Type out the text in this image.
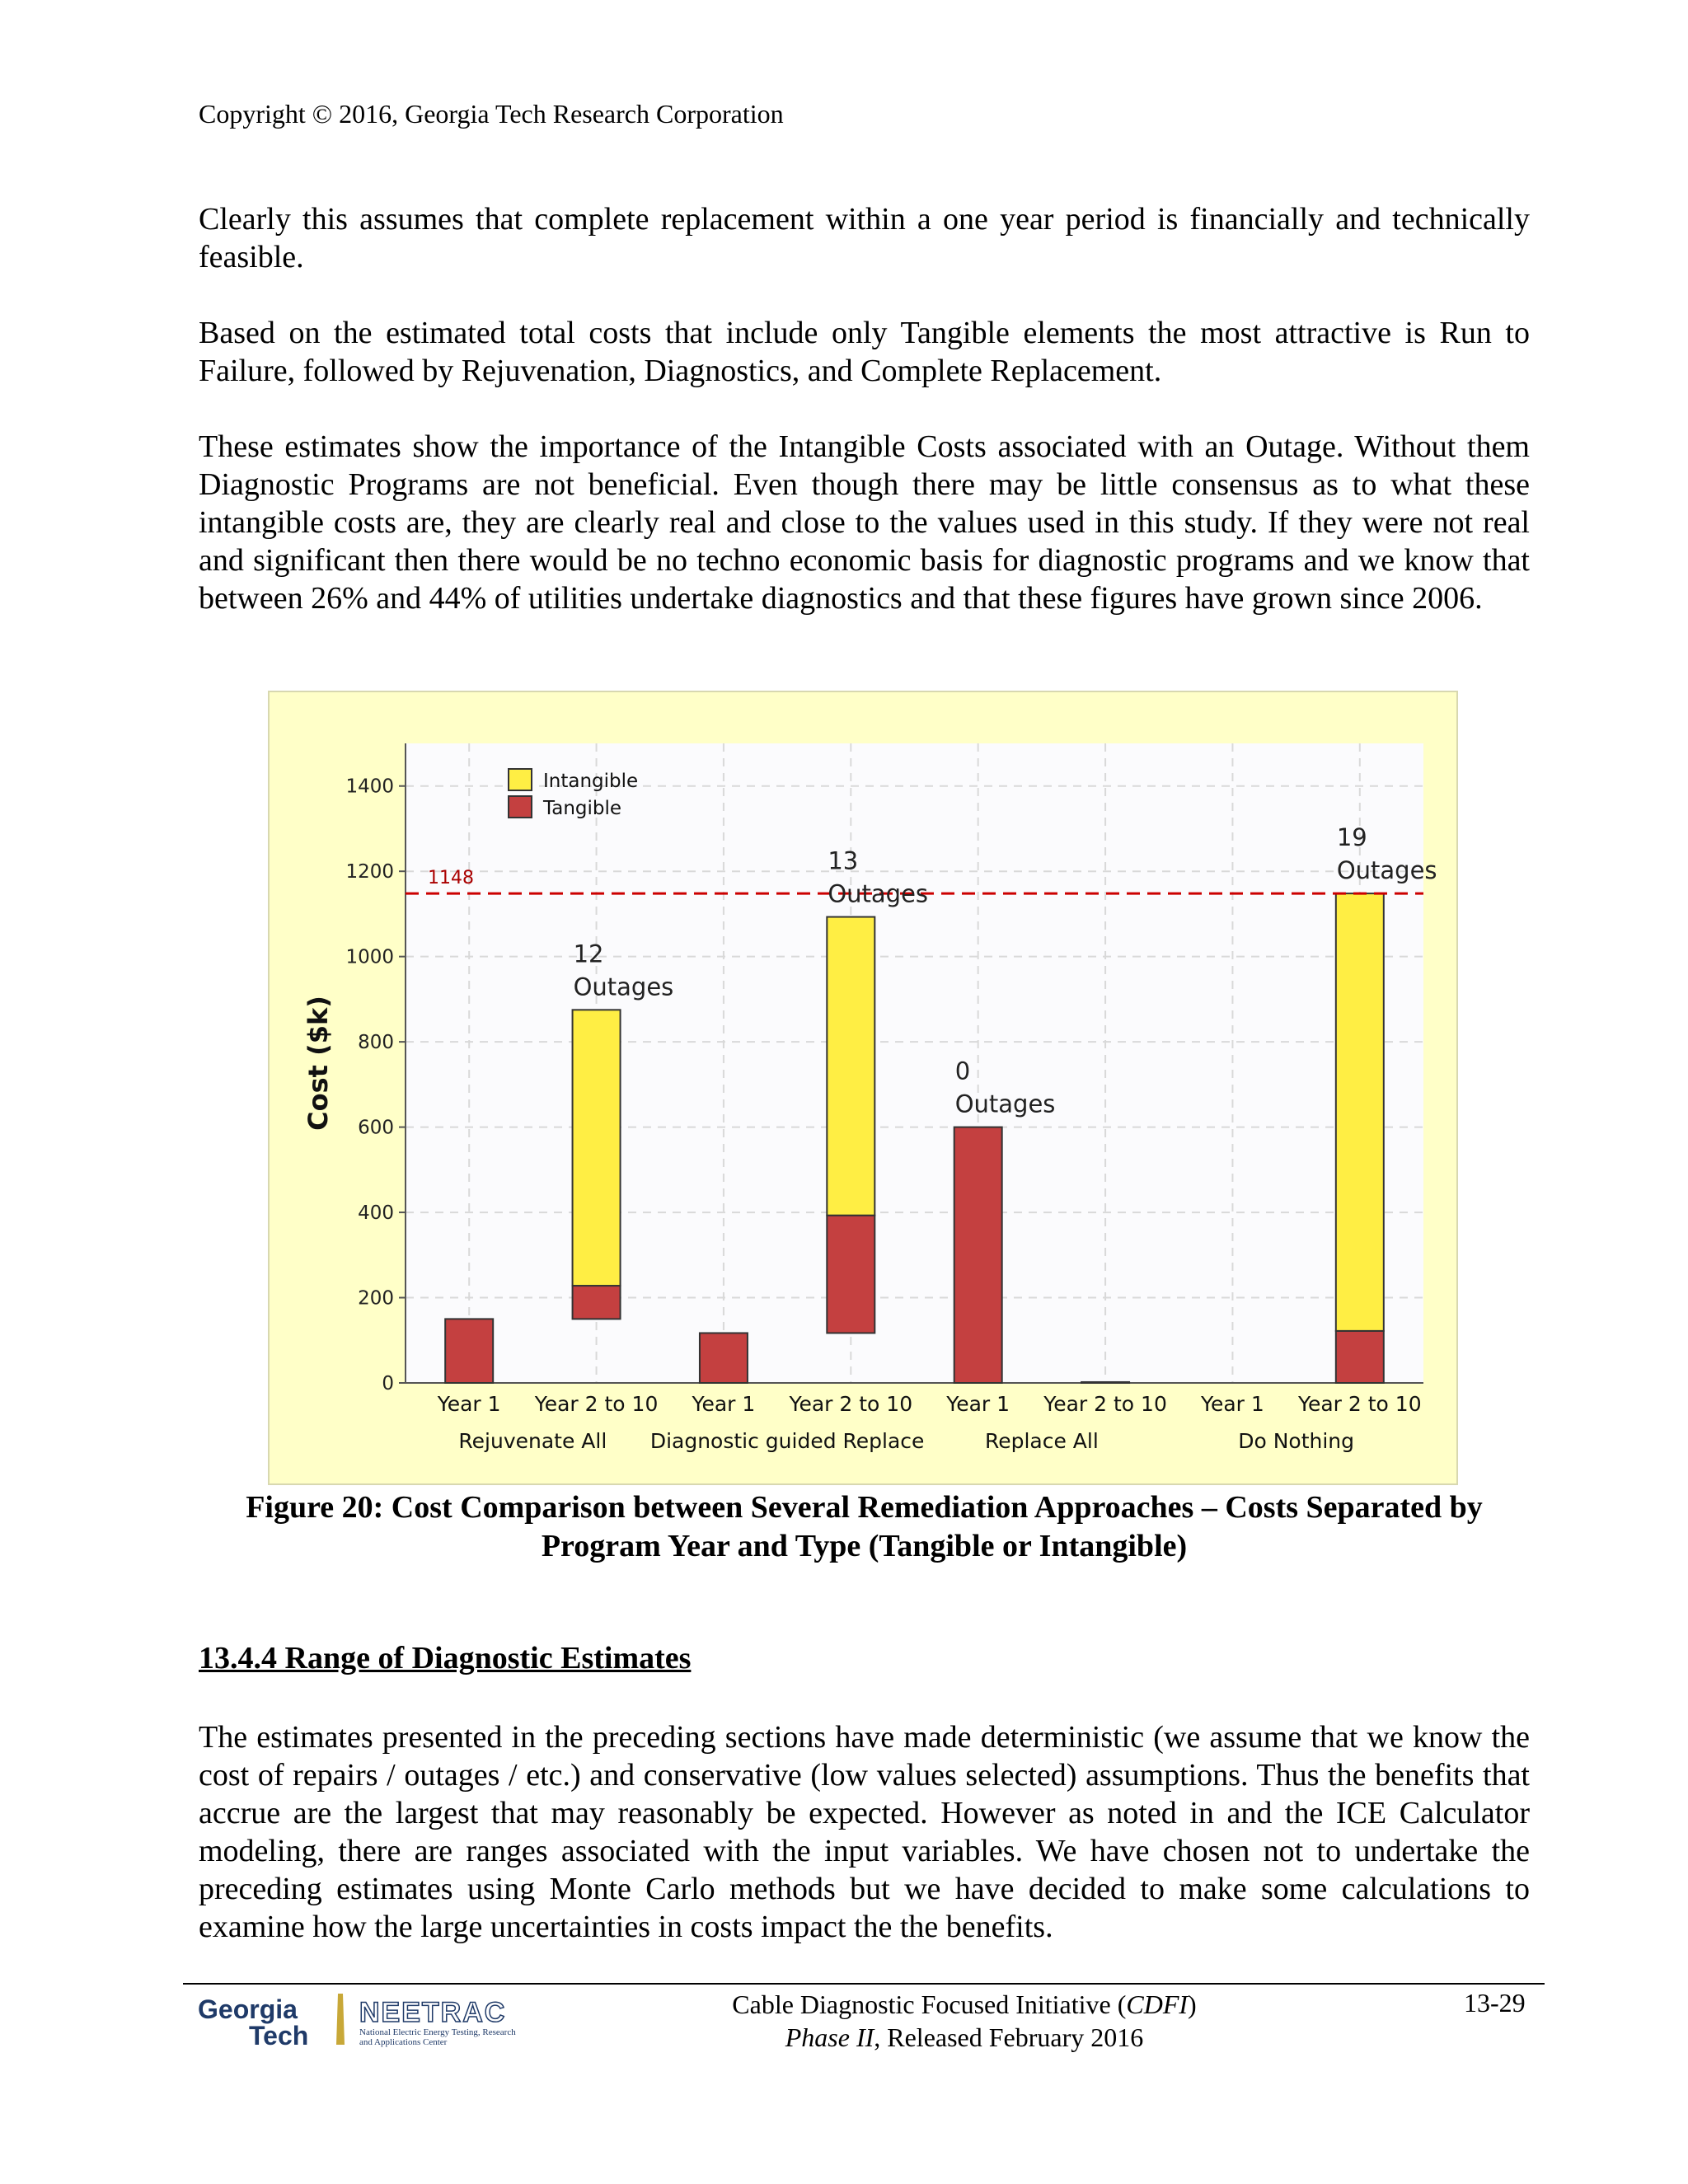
Copyright © 2016, Georgia Tech Research Corporation

Clearly this assumes that complete replacement within a one year period is financially and technically feasible.

Based on the estimated total costs that include only Tangible elements the most attractive is Run to Failure, followed by Rejuvenation, Diagnostics, and Complete Replacement.

These estimates show the importance of the Intangible Costs associated with an Outage. Without them Diagnostic Programs are not beneficial. Even though there may be little consensus as to what these intangible costs are, they are clearly real and close to the values used in this study. If they were not real and significant then there would be no techno economic basis for diagnostic programs and we know that between 26% and 44% of utilities undertake diagnostics and that these figures have grown since 2006.

0
200
400
600
800
1000
1200
1400
1148
12
Outages
13
Outages
0
Outages
19
Outages
Year 1 Year 2 to 10 Year 1 Year 2 to 10 Year 1 Year 2 to 10 Year 1 Year 2 to 10
Rejuvenate All Diagnostic guided Replace	Replace All	Do Nothing
Cost ($k)
Intangible
Tangible
Figure 20: Cost Comparison between Several Remediation Approaches – Costs Separated by Program Year and Type (Tangible or Intangible)
13.4.4 Range of Diagnostic Estimates

The estimates presented in the preceding sections have made deterministic (we assume that we know the cost of repairs / outages / etc.) and conservative (low values selected) assumptions. Thus the benefits that accrue are the largest that may reasonably be expected. However as noted in and the ICE Calculator modeling, there are ranges associated with the input variables. We have chosen not to undertake the preceding estimates using Monte Carlo methods but we have decided to make some calculations to examine how the large uncertainties in costs impact the the benefits.

Georgia
Tech
NEETRAC
National Electric Energy Testing, Research
and Applications Center
Cable Diagnostic Focused Initiative (CDFI)
Phase II, Released February 2016
13-29
